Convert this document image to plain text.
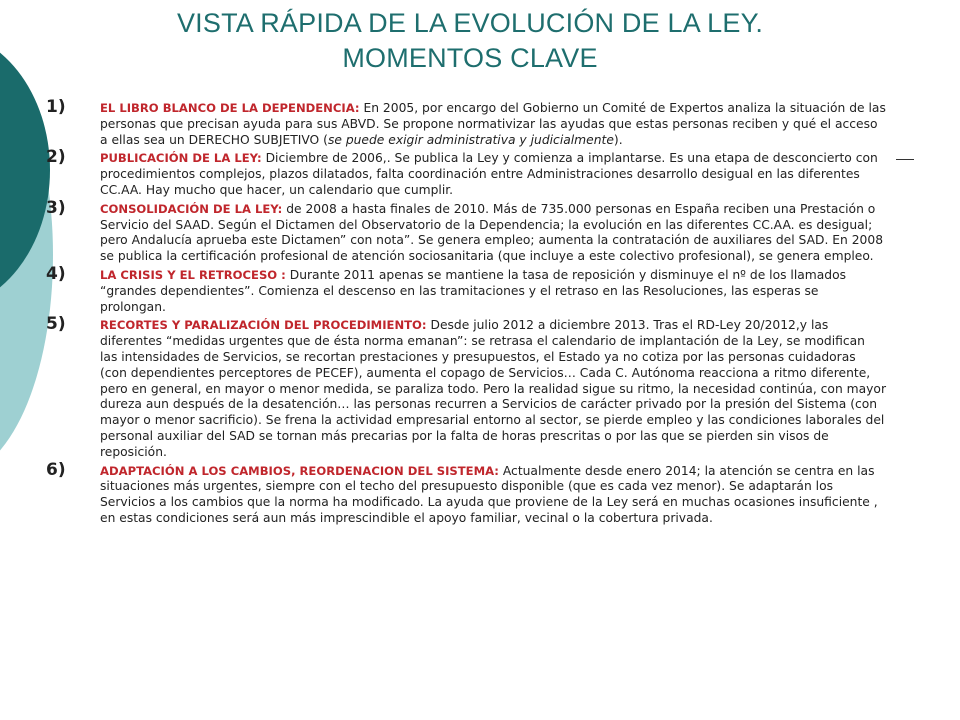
VISTA RÁPIDA DE LA EVOLUCIÓN DE LA LEY.
MOMENTOS CLAVE
1)	EL LIBRO BLANCO DE LA DEPENDENCIA: En 2005, por encargo del Gobierno un Comité de Expertos analiza la situación de las personas que precisan ayuda para sus ABVD. Se propone normativizar las ayudas que estas personas reciben y qué el acceso a ellas sea un DERECHO SUBJETIVO (se puede exigir administrativa y judicialmente).
2)	PUBLICACIÓN DE LA LEY: Diciembre de 2006,. Se publica la Ley y comienza a implantarse. Es una etapa de desconcierto con procedimientos complejos, plazos dilatados, falta coordinación entre Administraciones desarrollo desigual en las diferentes CC.AA. Hay mucho que hacer, un calendario que cumplir.
3)	CONSOLIDACIÓN DE LA LEY: de 2008 a hasta finales de 2010. Más de 735.000 personas en España reciben una Prestación o Servicio del SAAD. Según el Dictamen del Observatorio de la Dependencia; la evolución en las diferentes CC.AA. es desigual; pero Andalucía aprueba este Dictamen” con nota”. Se genera empleo; aumenta la contratación de auxiliares del SAD. En 2008 se publica la certificación profesional de atención sociosanitaria (que incluye a este colectivo profesional), se genera empleo.
4)	LA CRISIS Y EL RETROCESO : Durante 2011 apenas se mantiene la tasa de reposición y disminuye el nº de los llamados “grandes dependientes”. Comienza el descenso en las tramitaciones y el retraso en las Resoluciones, las esperas se prolongan.
5)	RECORTES Y PARALIZACIÓN DEL PROCEDIMIENTO: Desde julio 2012 a diciembre 2013. Tras el RD-Ley 20/2012,y las diferentes “medidas urgentes que de ésta norma emanan”: se retrasa el calendario de implantación de la Ley, se modifican las intensidades de Servicios, se recortan prestaciones y presupuestos, el Estado ya no cotiza por las personas cuidadoras (con dependientes perceptores de PECEF), aumenta el copago de Servicios… Cada C. Autónoma reacciona a ritmo diferente, pero en general, en mayor o menor medida, se paraliza todo. Pero la realidad sigue su ritmo, la necesidad continúa, con mayor dureza aun después de la desatención… las personas recurren a Servicios de carácter privado por la presión del Sistema (con mayor o menor sacrificio). Se frena la actividad empresarial entorno al sector, se pierde empleo y las condiciones laborales del personal auxiliar del SAD se tornan más precarias por la falta de horas prescritas o por las que se pierden sin visos de reposición.
6)	ADAPTACIÓN A LOS CAMBIOS, REORDENACION DEL SISTEMA: Actualmente desde enero 2014; la atención se centra en las situaciones más urgentes, siempre con el techo del presupuesto disponible (que es cada vez menor). Se adaptarán los Servicios a los cambios que la norma ha modificado. La ayuda que proviene de la Ley será en muchas ocasiones insuficiente , en estas condiciones será aun más imprescindible el apoyo familiar, vecinal o la cobertura privada.
